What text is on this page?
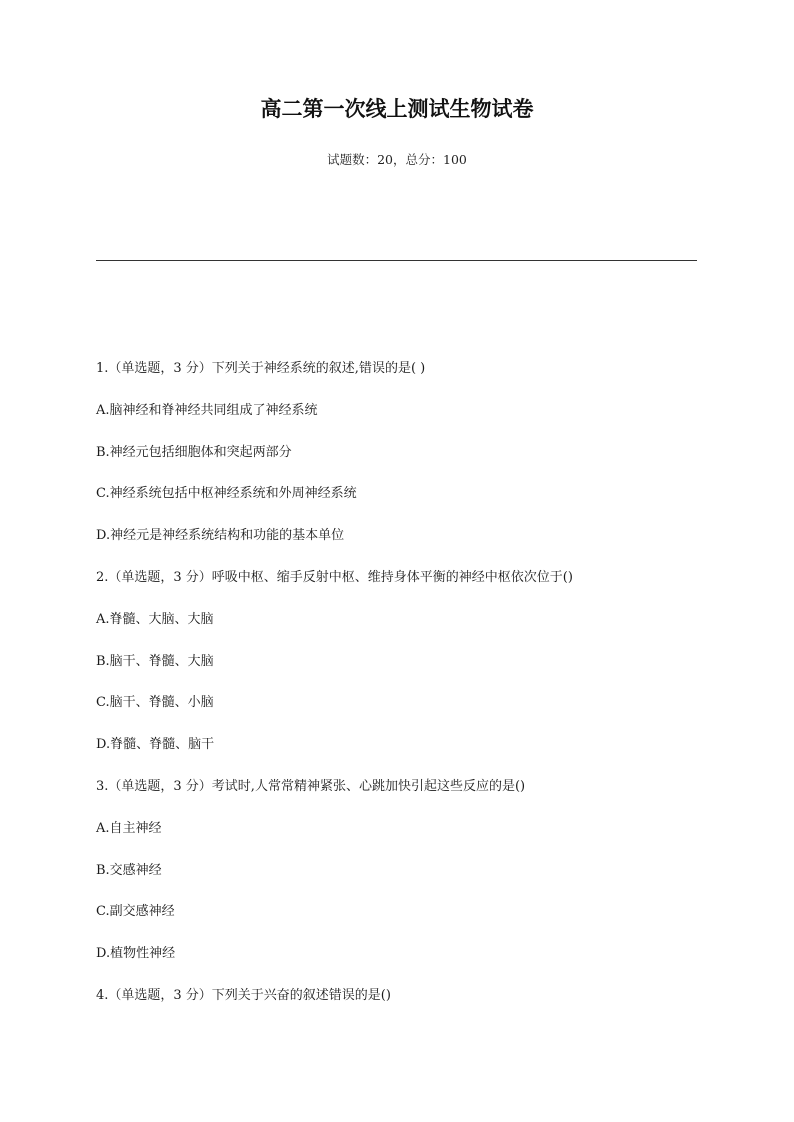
高二第一次线上测试生物试卷
试题数：20，总分：100
1.（单选题，3 分）下列关于神经系统的叙述,错误的是( )
A.脑神经和脊神经共同组成了神经系统
B.神经元包括细胞体和突起两部分
C.神经系统包括中枢神经系统和外周神经系统
D.神经元是神经系统结构和功能的基本单位
2.（单选题，3 分）呼吸中枢、缩手反射中枢、维持身体平衡的神经中枢依次位于()
A.脊髓、大脑、大脑
B.脑干、脊髓、大脑
C.脑干、脊髓、小脑
D.脊髓、脊髓、脑干
3.（单选题，3 分）考试时,人常常精神紧张、心跳加快引起这些反应的是()
A.自主神经
B.交感神经
C.副交感神经
D.植物性神经
4.（单选题，3 分）下列关于兴奋的叙述错误的是()
